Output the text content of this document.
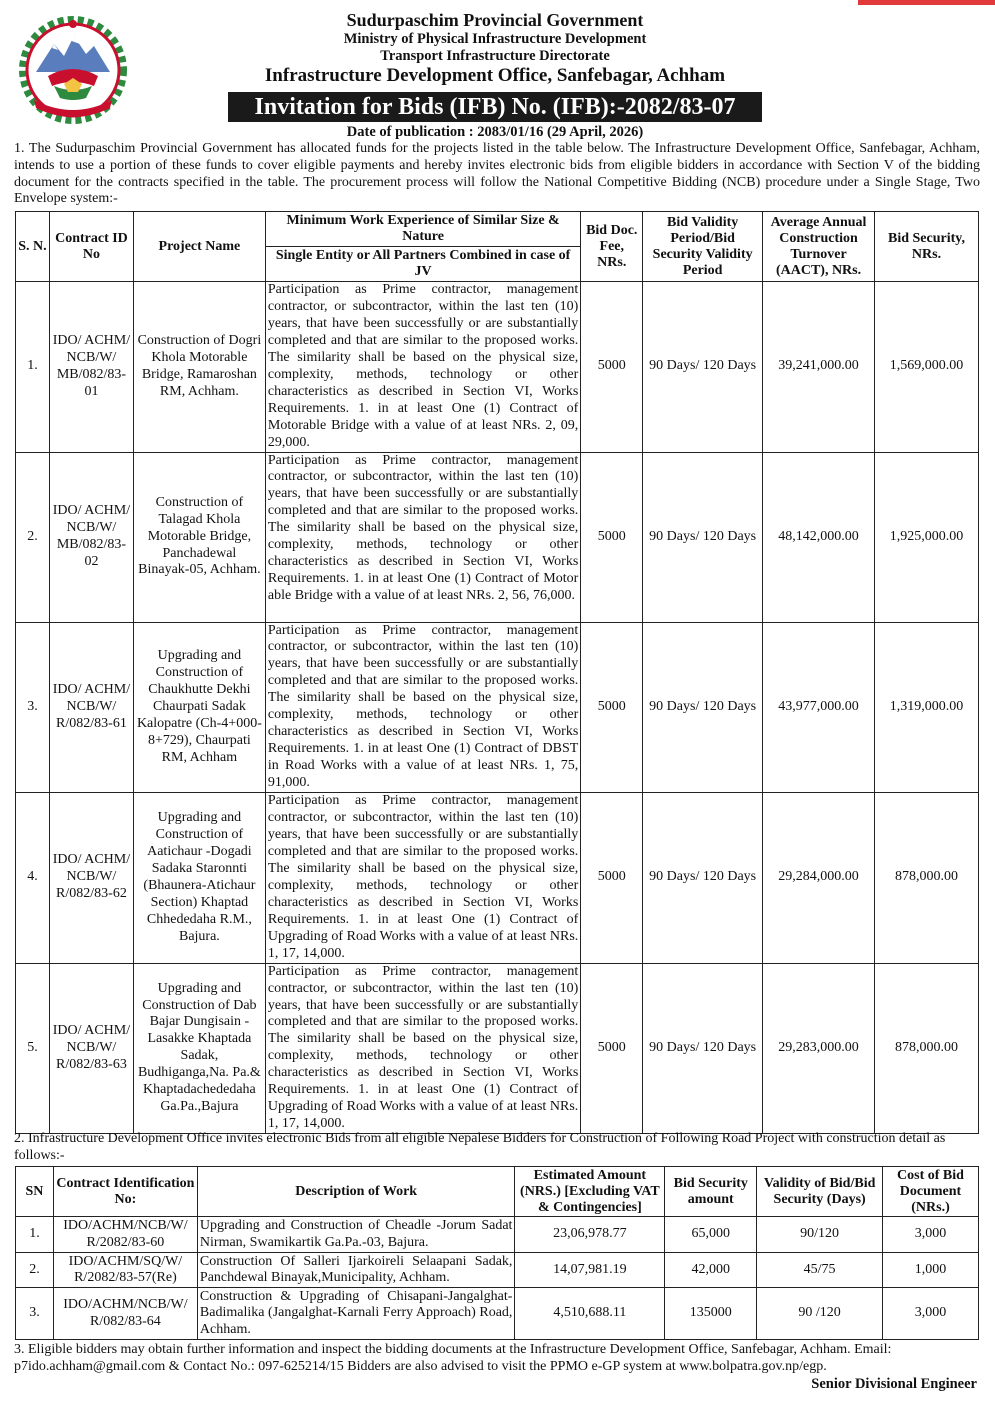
Sudurpaschim Provincial Government
Ministry of Physical Infrastructure Development
Transport Infrastructure Directorate
Infrastructure Development Office, Sanfebagar, Achham
Invitation for Bids (IFB) No. (IFB):-2082/83-07
Date of publication : 2083/01/16 (29 April, 2026)
1. The Sudurpaschim Provincial Government has allocated funds for the projects listed in the table below. The Infrastructure Development Office, Sanfebagar, Achham, intends to use a portion of these funds to cover eligible payments and hereby invites electronic bids from eligible bidders in accordance with Section V of the bidding document for the contracts specified in the table. The procurement process will follow the National Competitive Bidding (NCB) procedure under a Single Stage, Two Envelope system:-
S. N.	Contract ID No	Project Name	Minimum Work Experience of Similar Size & Nature	Bid Doc. Fee, NRs.	Bid Validity Period/Bid Security Validity Period	Average Annual Construction Turnover (AACT), NRs.	Bid Security, NRs.
			Single Entity or All Partners Combined in case of JV				
1.	IDO/ ACHM/ NCB/W/ MB/082/83-01	Construction of Dogri Khola Motorable Bridge, Ramaroshan RM, Achham.	Participation as Prime contractor, management contractor, or subcontractor, within the last ten (10) years, that have been successfully or are substantially completed and that are similar to the proposed works. The similarity shall be based on the physical size, complexity, methods, technology or other characteristics as described in Section VI, Works Requirements. 1. in at least One (1) Contract of Motorable Bridge with a value of at least NRs. 2, 09, 29,000.	5000	90 Days/ 120 Days	39,241,000.00	1,569,000.00
2.	IDO/ ACHM/ NCB/W/ MB/082/83-02	Construction of Talagad Khola Motorable Bridge, Panchadewal Binayak-05, Achham.	Participation as Prime contractor, management contractor, or subcontractor, within the last ten (10) years, that have been successfully or are substantially completed and that are similar to the proposed works. The similarity shall be based on the physical size, complexity, methods, technology or other characteristics as described in Section VI, Works Requirements. 1. in at least One (1) Contract of Motor able Bridge with a value of at least NRs. 2, 56, 76,000.	5000	90 Days/ 120 Days	48,142,000.00	1,925,000.00
3.	IDO/ ACHM/ NCB/W/ R/082/83-61	Upgrading and Construction of Chaukhutte Dekhi Chaurpati Sadak Kalopatre (Ch-4+000-8+729), Chaurpati RM, Achham	Participation as Prime contractor, management contractor, or subcontractor, within the last ten (10) years, that have been successfully or are substantially completed and that are similar to the proposed works. The similarity shall be based on the physical size, complexity, methods, technology or other characteristics as described in Section VI, Works Requirements. 1. in at least One (1) Contract of DBST in Road Works with a value of at least NRs. 1, 75, 91,000.	5000	90 Days/ 120 Days	43,977,000.00	1,319,000.00
4.	IDO/ ACHM/ NCB/W/ R/082/83-62	Upgrading and Construction of Aatichaur -Dogadi Sadaka Staronnti (Bhaunera-Atichaur Section) Khaptad Chhededaha R.M., Bajura.	Participation as Prime contractor, management contractor, or subcontractor, within the last ten (10) years, that have been successfully or are substantially completed and that are similar to the proposed works. The similarity shall be based on the physical size, complexity, methods, technology or other characteristics as described in Section VI, Works Requirements. 1. in at least One (1) Contract of Upgrading of Road Works with a value of at least NRs. 1, 17, 14,000.	5000	90 Days/ 120 Days	29,284,000.00	878,000.00
5.	IDO/ ACHM/ NCB/W/ R/082/83-63	Upgrading and Construction of Dab Bajar Dungisain -Lasakke Khaptada Sadak, Budhiganga,Na. Pa.& Khaptadachededaha Ga.Pa.,Bajura	Participation as Prime contractor, management contractor, or subcontractor, within the last ten (10) years, that have been successfully or are substantially completed and that are similar to the proposed works. The similarity shall be based on the physical size, complexity, methods, technology or other characteristics as described in Section VI, Works Requirements. 1. in at least One (1) Contract of Upgrading of Road Works with a value of at least NRs. 1, 17, 14,000.	5000	90 Days/ 120 Days	29,283,000.00	878,000.00
2. Infrastructure Development Office invites electronic Bids from all eligible Nepalese Bidders for Construction of Following Road Project with construction detail as follows:-
SN	Contract Identification No:	Description of Work	Estimated Amount (NRS.) [Excluding VAT & Contingencies]	Bid Security amount	Validity of Bid/Bid Security (Days)	Cost of Bid Document (NRs.)
1.	IDO/ACHM/NCB/W/ R/2082/83-60	Upgrading and Construction of Cheadle -Jorum Sadat Nirman, Swamikartik Ga.Pa.-03, Bajura.	23,06,978.77	65,000	90/120	3,000
2.	IDO/ACHM/SQ/W/ R/2082/83-57(Re)	Construction Of Salleri Ijarkoireli Selaapani Sadak, Panchdewal Binayak,Municipality, Achham.	14,07,981.19	42,000	45/75	1,000
3.	IDO/ACHM/NCB/W/ R/082/83-64	Construction & Upgrading of Chisapani-Jangalghat-Badimalika (Jangalghat-Karnali Ferry Approach) Road, Achham.	4,510,688.11	135000	90 /120	3,000
3. Eligible bidders may obtain further information and inspect the bidding documents at the Infrastructure Development Office, Sanfebagar, Achham. Email: p7ido.achham@gmail.com & Contact No.: 097-625214/15 Bidders are also advised to visit the PPMO e-GP system at www.bolpatra.gov.np/egp.
Senior Divisional Engineer
